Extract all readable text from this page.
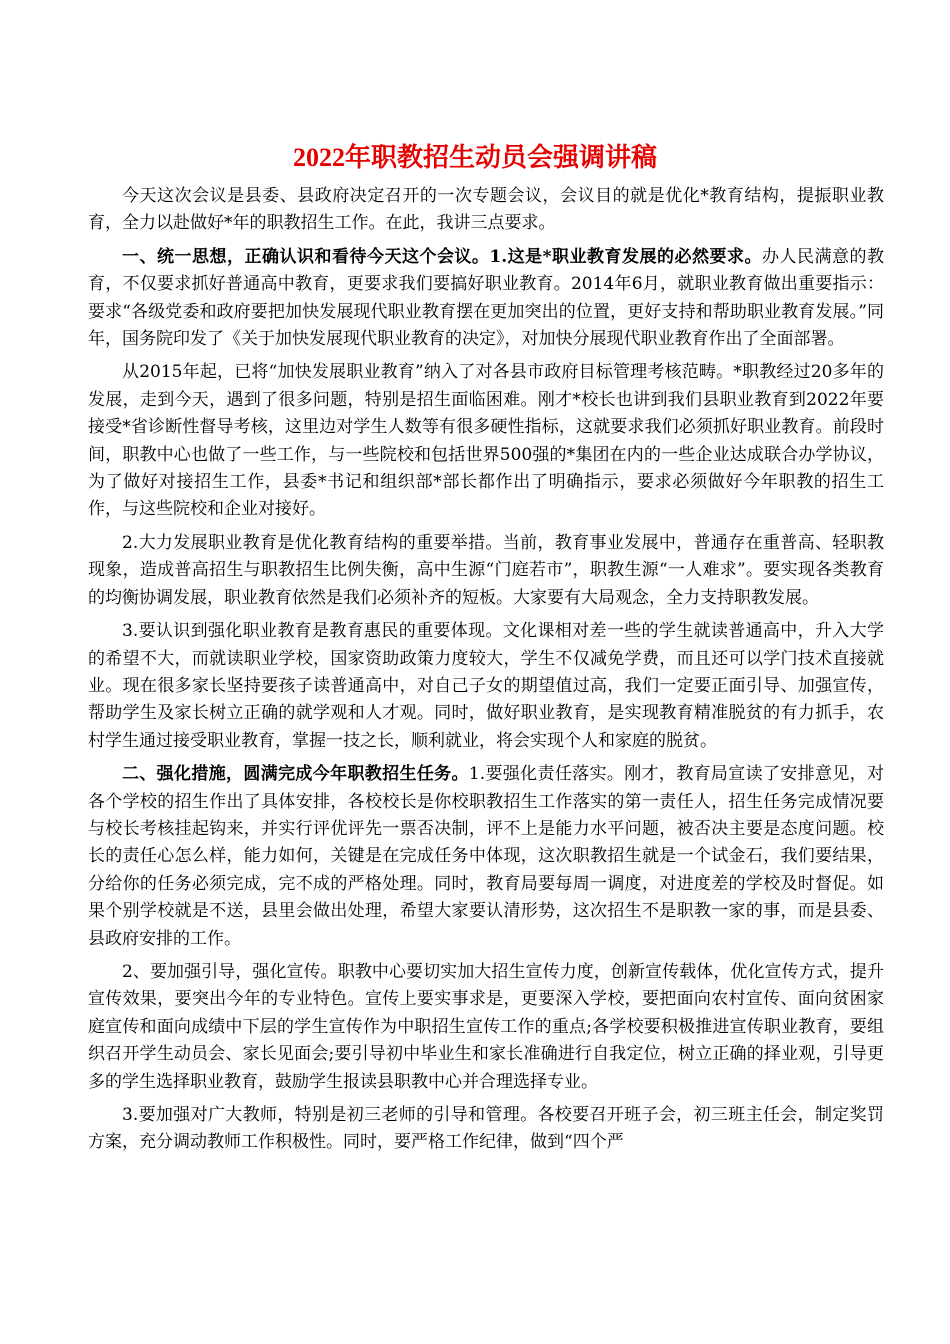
2022年职教招生动员会强调讲稿

今天这次会议是县委、县政府决定召开的一次专题会议，会议目的就是优化*教育结构，提振职业教育，全力以赴做好*年的职教招生工作。在此，我讲三点要求。

一、统一思想，正确认识和看待今天这个会议。1.这是*职业教育发展的必然要求。办人民满意的教育，不仅要求抓好普通高中教育，更要求我们要搞好职业教育。2014年6月，就职业教育做出重要指示：要求“各级党委和政府要把加快发展现代职业教育摆在更加突出的位置，更好支持和帮助职业教育发展。”同年，国务院印发了《关于加快发展现代职业教育的决定》，对加快分展现代职业教育作出了全面部署。

从2015年起，已将“加快发展职业教育”纳入了对各县市政府目标管理考核范畴。*职教经过20多年的发展，走到今天，遇到了很多问题，特别是招生面临困难。刚才*校长也讲到我们县职业教育到2022年要接受*省诊断性督导考核，这里边对学生人数等有很多硬性指标，这就要求我们必须抓好职业教育。前段时间，职教中心也做了一些工作，与一些院校和包括世界500强的*集团在内的一些企业达成联合办学协议，为了做好对接招生工作，县委*书记和组织部*部长都作出了明确指示，要求必须做好今年职教的招生工作，与这些院校和企业对接好。

2.大力发展职业教育是优化教育结构的重要举措。当前，教育事业发展中，普通存在重普高、轻职教现象，造成普高招生与职教招生比例失衡，高中生源“门庭若市”，职教生源“一人难求”。要实现各类教育的均衡协调发展，职业教育依然是我们必须补齐的短板。大家要有大局观念，全力支持职教发展。

3.要认识到强化职业教育是教育惠民的重要体现。文化课相对差一些的学生就读普通高中，升入大学的希望不大，而就读职业学校，国家资助政策力度较大，学生不仅减免学费，而且还可以学门技术直接就业。现在很多家长坚持要孩子读普通高中，对自己子女的期望值过高，我们一定要正面引导、加强宣传，帮助学生及家长树立正确的就学观和人才观。同时，做好职业教育，是实现教育精准脱贫的有力抓手，农村学生通过接受职业教育，掌握一技之长，顺利就业，将会实现个人和家庭的脱贫。

二、强化措施，圆满完成今年职教招生任务。1.要强化责任落实。刚才，教育局宣读了安排意见，对各个学校的招生作出了具体安排，各校校长是你校职教招生工作落实的第一责任人，招生任务完成情况要与校长考核挂起钩来，并实行评优评先一票否决制，评不上是能力水平问题，被否决主要是态度问题。校长的责任心怎么样，能力如何，关键是在完成任务中体现，这次职教招生就是一个试金石，我们要结果，分给你的任务必须完成，完不成的严格处理。同时，教育局要每周一调度，对进度差的学校及时督促。如果个别学校就是不送，县里会做出处理，希望大家要认清形势，这次招生不是职教一家的事，而是县委、县政府安排的工作。

2、要加强引导，强化宣传。职教中心要切实加大招生宣传力度，创新宣传载体，优化宣传方式，提升宣传效果，要突出今年的专业特色。宣传上要实事求是，更要深入学校，要把面向农村宣传、面向贫困家庭宣传和面向成绩中下层的学生宣传作为中职招生宣传工作的重点;各学校要积极推进宣传职业教育，要组织召开学生动员会、家长见面会;要引导初中毕业生和家长准确进行自我定位，树立正确的择业观，引导更多的学生选择职业教育，鼓励学生报读县职教中心并合理选择专业。

3.要加强对广大教师，特别是初三老师的引导和管理。各校要召开班子会，初三班主任会，制定奖罚方案，充分调动教师工作积极性。同时，要严格工作纪律，做到“四个严
